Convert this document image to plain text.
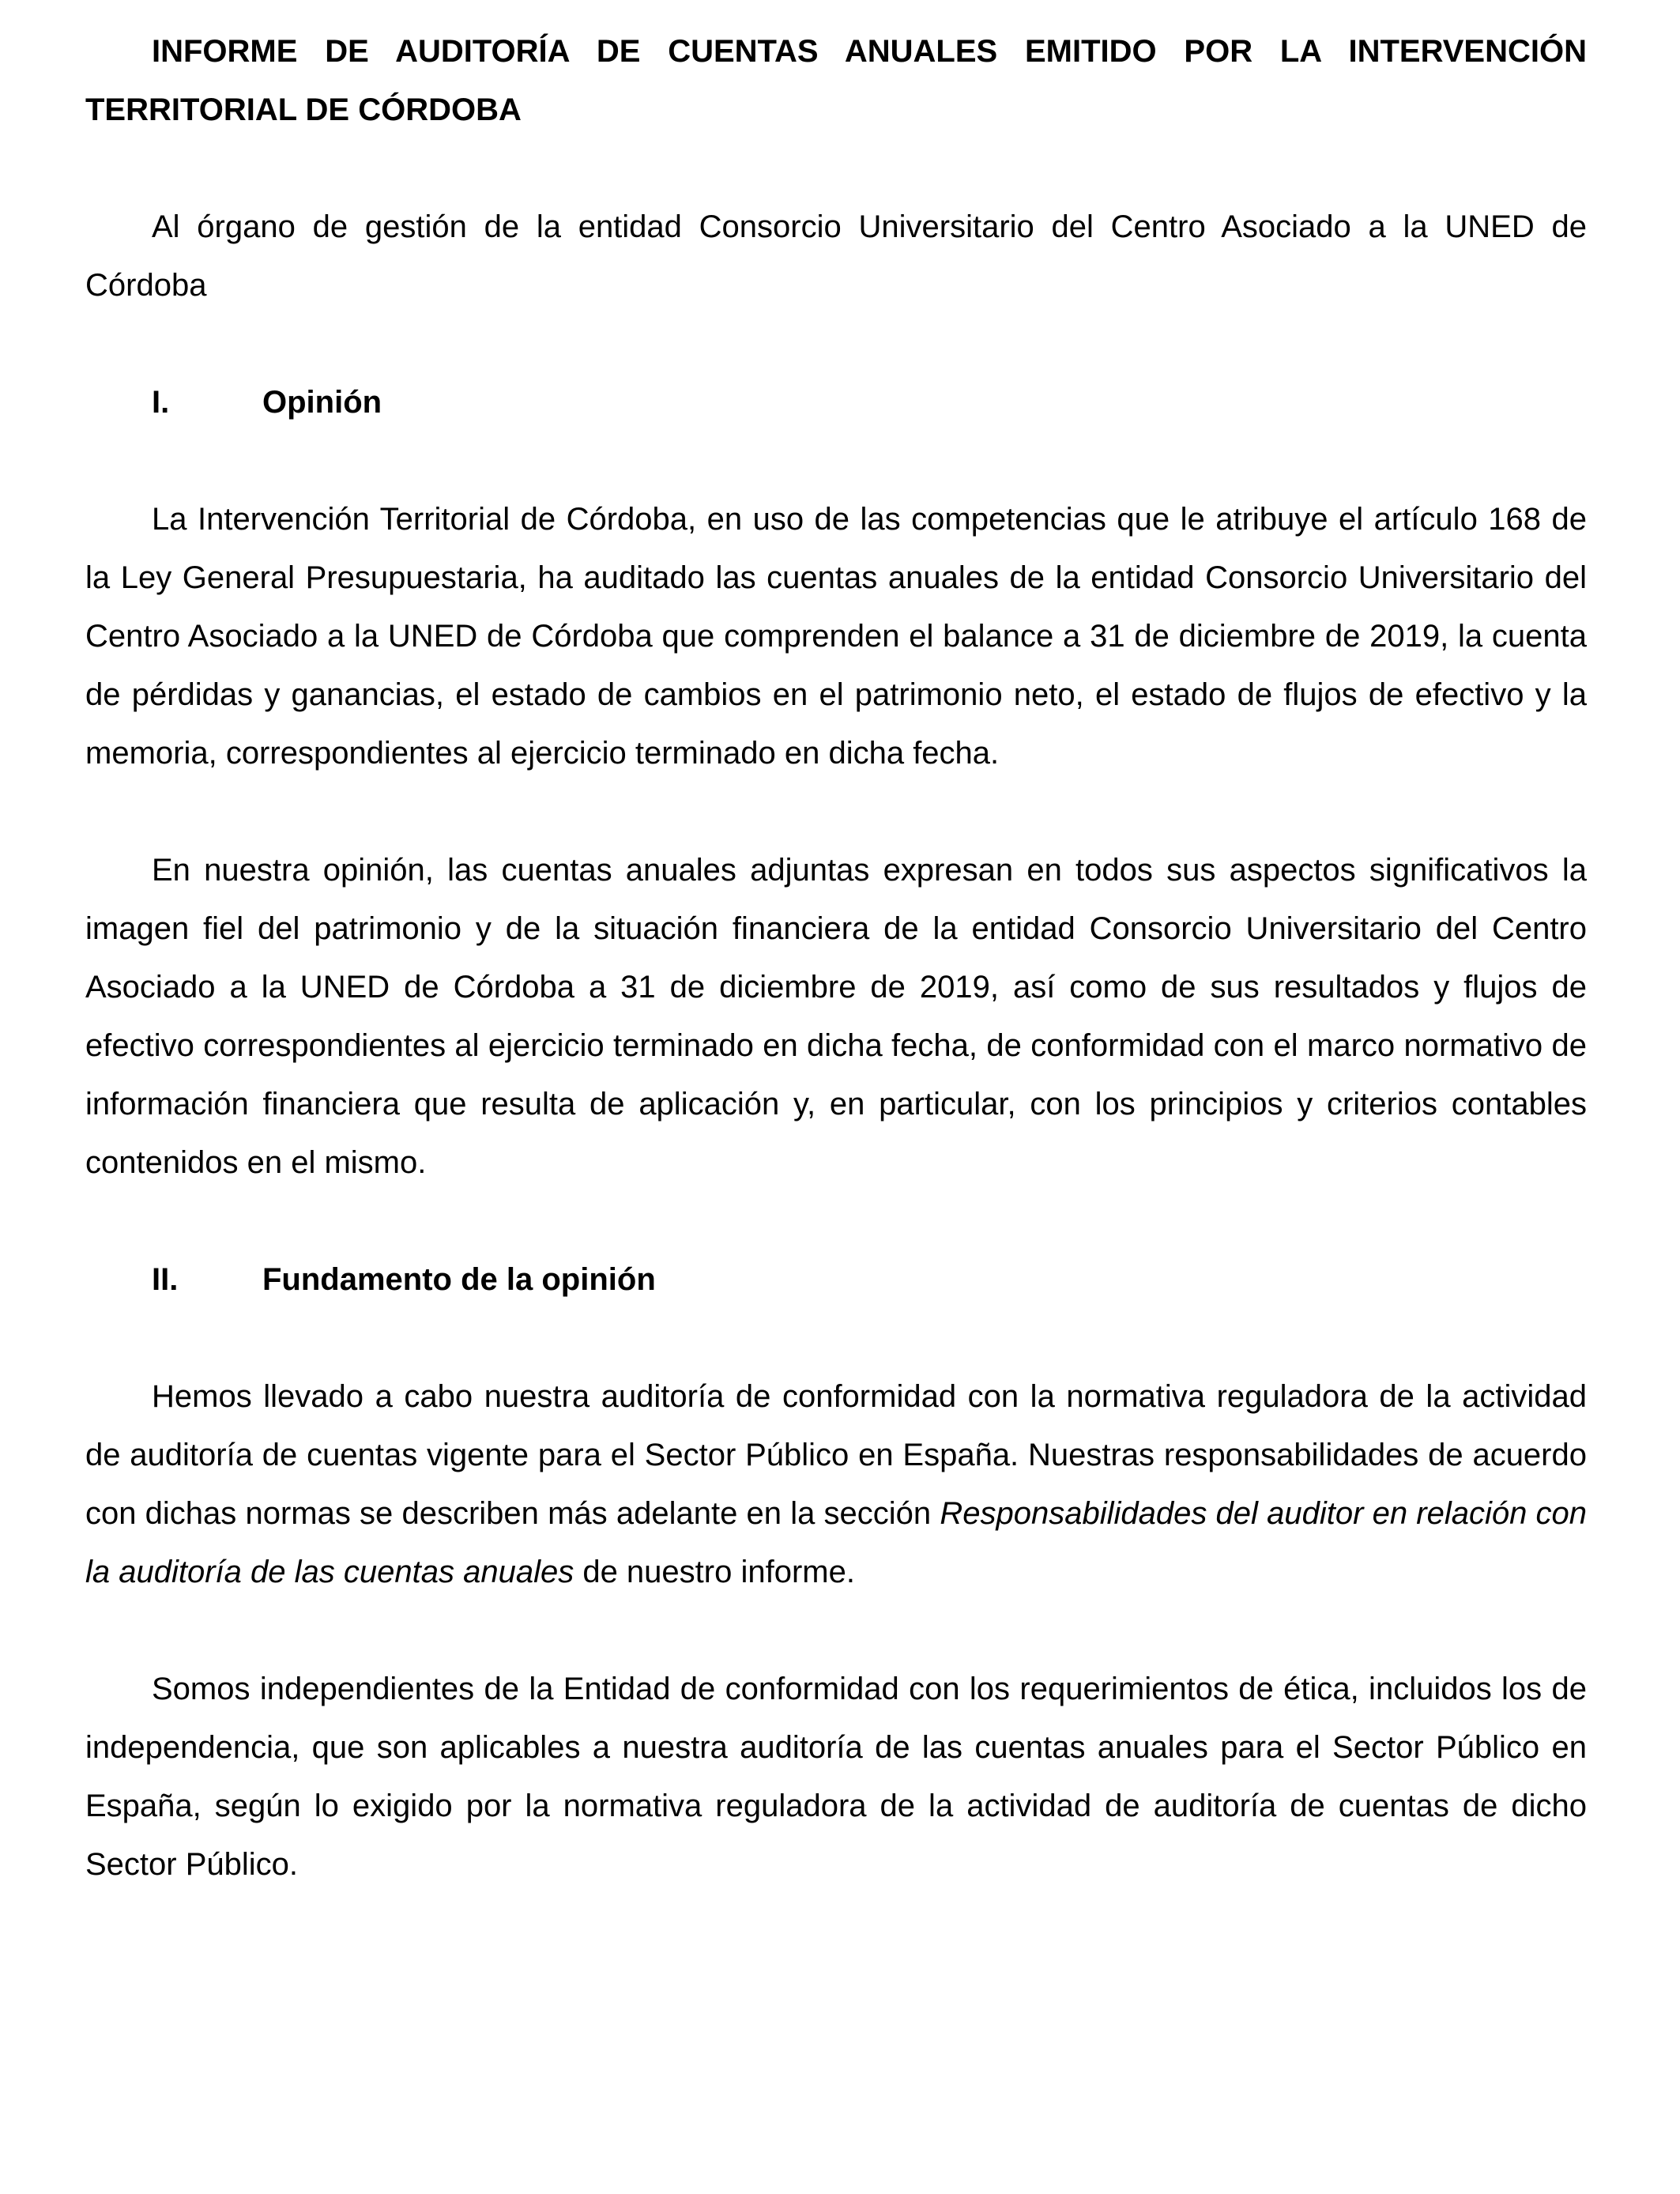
INFORME DE AUDITORÍA DE CUENTAS ANUALES EMITIDO POR LA INTERVENCIÓN TERRITORIAL DE CÓRDOBA

Al órgano de gestión de la entidad Consorcio Universitario del Centro Asociado a la UNED de Córdoba

I.	Opinión

La Intervención Territorial de Córdoba, en uso de las competencias que le atribuye el artículo 168 de la Ley General Presupuestaria, ha auditado las cuentas anuales de la entidad Consorcio Universitario del Centro Asociado a la UNED de Córdoba que comprenden el balance a 31 de diciembre de 2019, la cuenta de pérdidas y ganancias, el estado de cambios en el patrimonio neto, el estado de flujos de efectivo y la memoria, correspondientes al ejercicio terminado en dicha fecha.

En nuestra opinión, las cuentas anuales adjuntas expresan en todos sus aspectos significativos la imagen fiel del patrimonio y de la situación financiera de la entidad Consorcio Universitario del Centro Asociado a la UNED de Córdoba a 31 de diciembre de 2019, así como de sus resultados y flujos de efectivo correspondientes al ejercicio terminado en dicha fecha, de conformidad con el marco normativo de información financiera que resulta de aplicación y, en particular, con los principios y criterios contables contenidos en el mismo.

II.	Fundamento de la opinión

Hemos llevado a cabo nuestra auditoría de conformidad con la normativa reguladora de la actividad de auditoría de cuentas vigente para el Sector Público en España. Nuestras responsabilidades de acuerdo con dichas normas se describen más adelante en la sección Responsabilidades del auditor en relación con la auditoría de las cuentas anuales de nuestro informe.

Somos independientes de la Entidad de conformidad con los requerimientos de ética, incluidos los de independencia, que son aplicables a nuestra auditoría de las cuentas anuales para el Sector Público en España, según lo exigido por la normativa reguladora de la actividad de auditoría de cuentas de dicho Sector Público.
